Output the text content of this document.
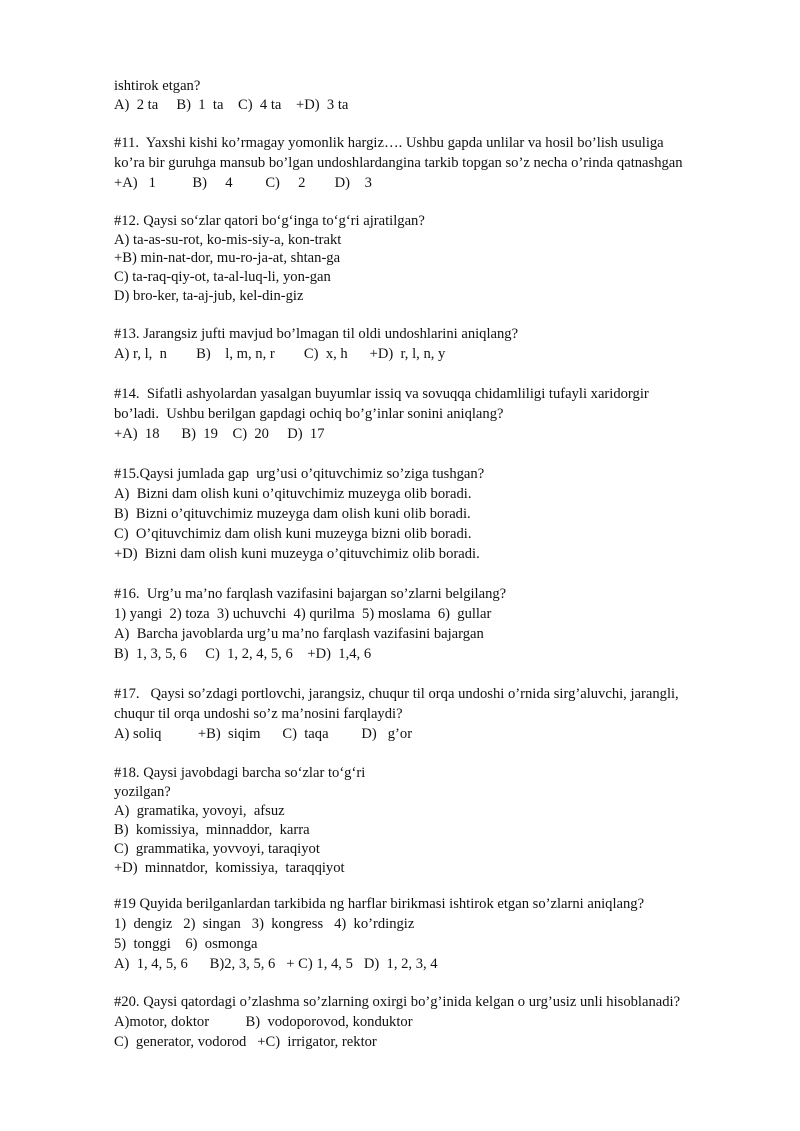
ishtirok etgan?
A)  2 ta     B)  1  ta    C)  4 ta    +D)  3 ta
#11.  Yaxshi kishi ko’rmagay yomonlik hargiz…. Ushbu gapda unlilar va hosil bo’lish usuliga
ko’ra bir guruhga mansub bo’lgan undoshlardangina tarkib topgan so’z necha o’rinda qatnashgan
+A)   1          B)     4         C)     2        D)    3
#12. Qaysi so‘zlar qatori bo‘g‘inga to‘g‘ri ajratilgan?
A) ta-as-su-rot, ko-mis-siy-a, kon-trakt
+B) min-nat-dor, mu-ro-ja-at, shtan-ga
C) ta-raq-qiy-ot, ta-al-luq-li, yon-gan
D) bro-ker, ta-aj-jub, kel-din-giz
#13. Jarangsiz jufti mavjud bo’lmagan til oldi undoshlarini aniqlang?
A) r, l,  n        B)    l, m, n, r        C)  x, h      +D)  r, l, n, y
#14.  Sifatli ashyolardan yasalgan buyumlar issiq va sovuqqa chidamliligi tufayli xaridorgir
bo’ladi.  Ushbu berilgan gapdagi ochiq bo’g’inlar sonini aniqlang?
+A)  18      B)  19    C)  20     D)  17
#15.Qaysi jumlada gap  urg’usi o’qituvchimiz so’ziga tushgan?
A)  Bizni dam olish kuni o’qituvchimiz muzeyga olib boradi.
B)  Bizni o’qituvchimiz muzeyga dam olish kuni olib boradi.
C)  O’qituvchimiz dam olish kuni muzeyga bizni olib boradi.
+D)  Bizni dam olish kuni muzeyga o’qituvchimiz olib boradi.
#16.  Urg’u ma’no farqlash vazifasini bajargan so’zlarni belgilang?
1) yangi  2) toza  3) uchuvchi  4) qurilma  5) moslama  6)  gullar
A)  Barcha javoblarda urg’u ma’no farqlash vazifasini bajargan
B)  1, 3, 5, 6     C)  1, 2, 4, 5, 6    +D)  1,4, 6
#17.   Qaysi so’zdagi portlovchi, jarangsiz, chuqur til orqa undoshi o’rnida sirg’aluvchi, jarangli,
chuqur til orqa undoshi so’z ma’nosini farqlaydi?
A) soliq          +B)  siqim      C)  taqa         D)   g’or
#18. Qaysi javobdagi barcha so‘zlar to‘g‘ri
yozilgan?
A)  gramatika, yovoyi,  afsuz
B)  komissiya,  minnaddor,  karra
C)  grammatika, yovvoyi, taraqiyot
+D)  minnatdor,  komissiya,  taraqqiyot
#19 Quyida berilganlardan tarkibida ng harflar birikmasi ishtirok etgan so’zlarni aniqlang?
1)  dengiz   2)  singan   3)  kongress   4)  ko’rdingiz
5)  tonggi    6)  osmonga
A)  1, 4, 5, 6      B)2, 3, 5, 6   + C) 1, 4, 5   D)  1, 2, 3, 4
#20. Qaysi qatordagi o’zlashma so’zlarning oxirgi bo’g’inida kelgan o urg’usiz unli hisoblanadi?
A)motor, doktor          B)  vodoporovod, konduktor
C)  generator, vodorod   +C)  irrigator, rektor
